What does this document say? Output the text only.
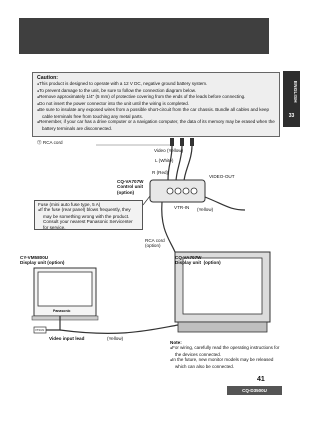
ENGLISH
33
Caution:

● This product is designed to operate with a 12 V DC, negative ground battery system.

● To prevent damage to the unit, be sure to follow the connection diagram below.

● Remove approximately 1/4" (5 mm) of protective covering from the ends of the leads before connecting.

● Do not insert the power connector into the unit until the wiring is completed.

● Be sure to insulate any exposed wires from a possible short-circuit from the car chassis. Bundle all cables and keep cable terminals free from touching any metal parts.

● Remember, if your car has a drive computer or a navigation computer, the data of its memory may be erased when the battery terminals are disconnected.

⓻ RCA cord
Video (Yellow)
L (White)
R (Red)
VIDEO-OUT
CQ-VA707W
Control unit
(option)
VTR-IN (Yellow)
Fuse (mini auto fuse type, 5 A)
● If the fuse (rear panel) blows frequently, they may be something wrong with the product. Consult your nearest Panasonic Servicenter for service.
RCA cord
(option)
CY-VM5800U
Display unit (option)
CQ-VA707W
Display unit  (option)
Panasonic
VTR-IN
Video input lead	(Yellow)
Note:

● For wiring, carefully read the operating instructions for the devices connected.

● In the future, new monitor models may be released which can also be connected.

41
CQ-D3500U
